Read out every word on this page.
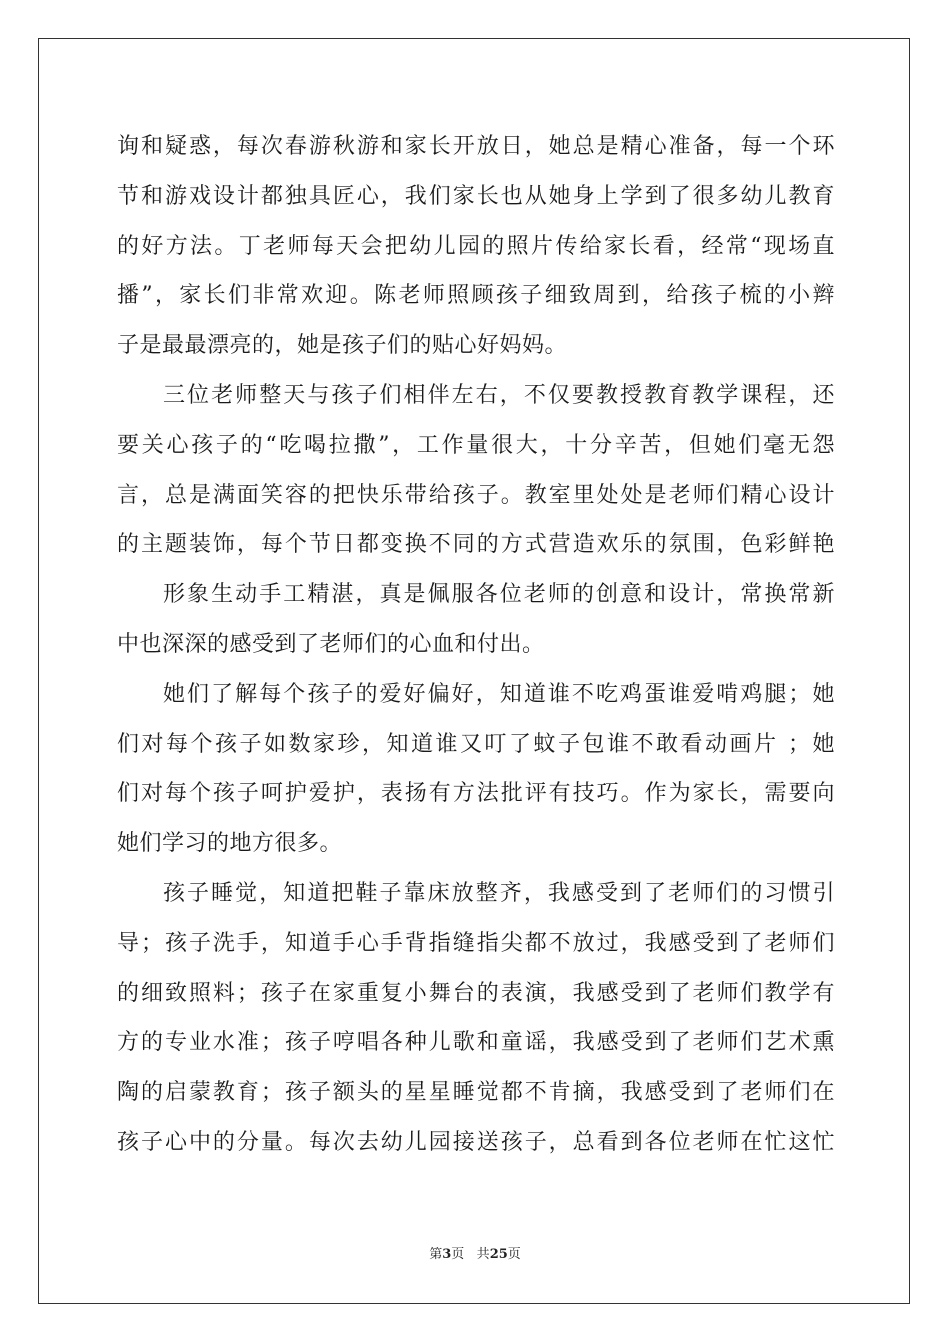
询和疑惑，每次春游秋游和家长开放日，她总是精心准备，每一个环
节和游戏设计都独具匠心，我们家长也从她身上学到了很多幼儿教育
的好方法。丁老师每天会把幼儿园的照片传给家长看，经常“现场直
播”，家长们非常欢迎。陈老师照顾孩子细致周到，给孩子梳的小辫
子是最最漂亮的，她是孩子们的贴心好妈妈。
三位老师整天与孩子们相伴左右，不仅要教授教育教学课程，还
要关心孩子的“吃喝拉撒”，工作量很大，十分辛苦，但她们毫无怨
言，总是满面笑容的把快乐带给孩子。教室里处处是老师们精心设计
的主题装饰，每个节日都变换不同的方式营造欢乐的氛围，色彩鲜艳
形象生动手工精湛，真是佩服各位老师的创意和设计，常换常新
中也深深的感受到了老师们的心血和付出。
她们了解每个孩子的爱好偏好，知道谁不吃鸡蛋谁爱啃鸡腿；她
们对每个孩子如数家珍，知道谁又叮了蚊子包谁不敢看动画片 ；她
们对每个孩子呵护爱护，表扬有方法批评有技巧。作为家长，需要向
她们学习的地方很多。
孩子睡觉，知道把鞋子靠床放整齐，我感受到了老师们的习惯引
导；孩子洗手，知道手心手背指缝指尖都不放过，我感受到了老师们
的细致照料；孩子在家重复小舞台的表演，我感受到了老师们教学有
方的专业水准；孩子哼唱各种儿歌和童谣，我感受到了老师们艺术熏
陶的启蒙教育；孩子额头的星星睡觉都不肯摘，我感受到了老师们在
孩子心中的分量。每次去幼儿园接送孩子，总看到各位老师在忙这忙
第3页 共25页
